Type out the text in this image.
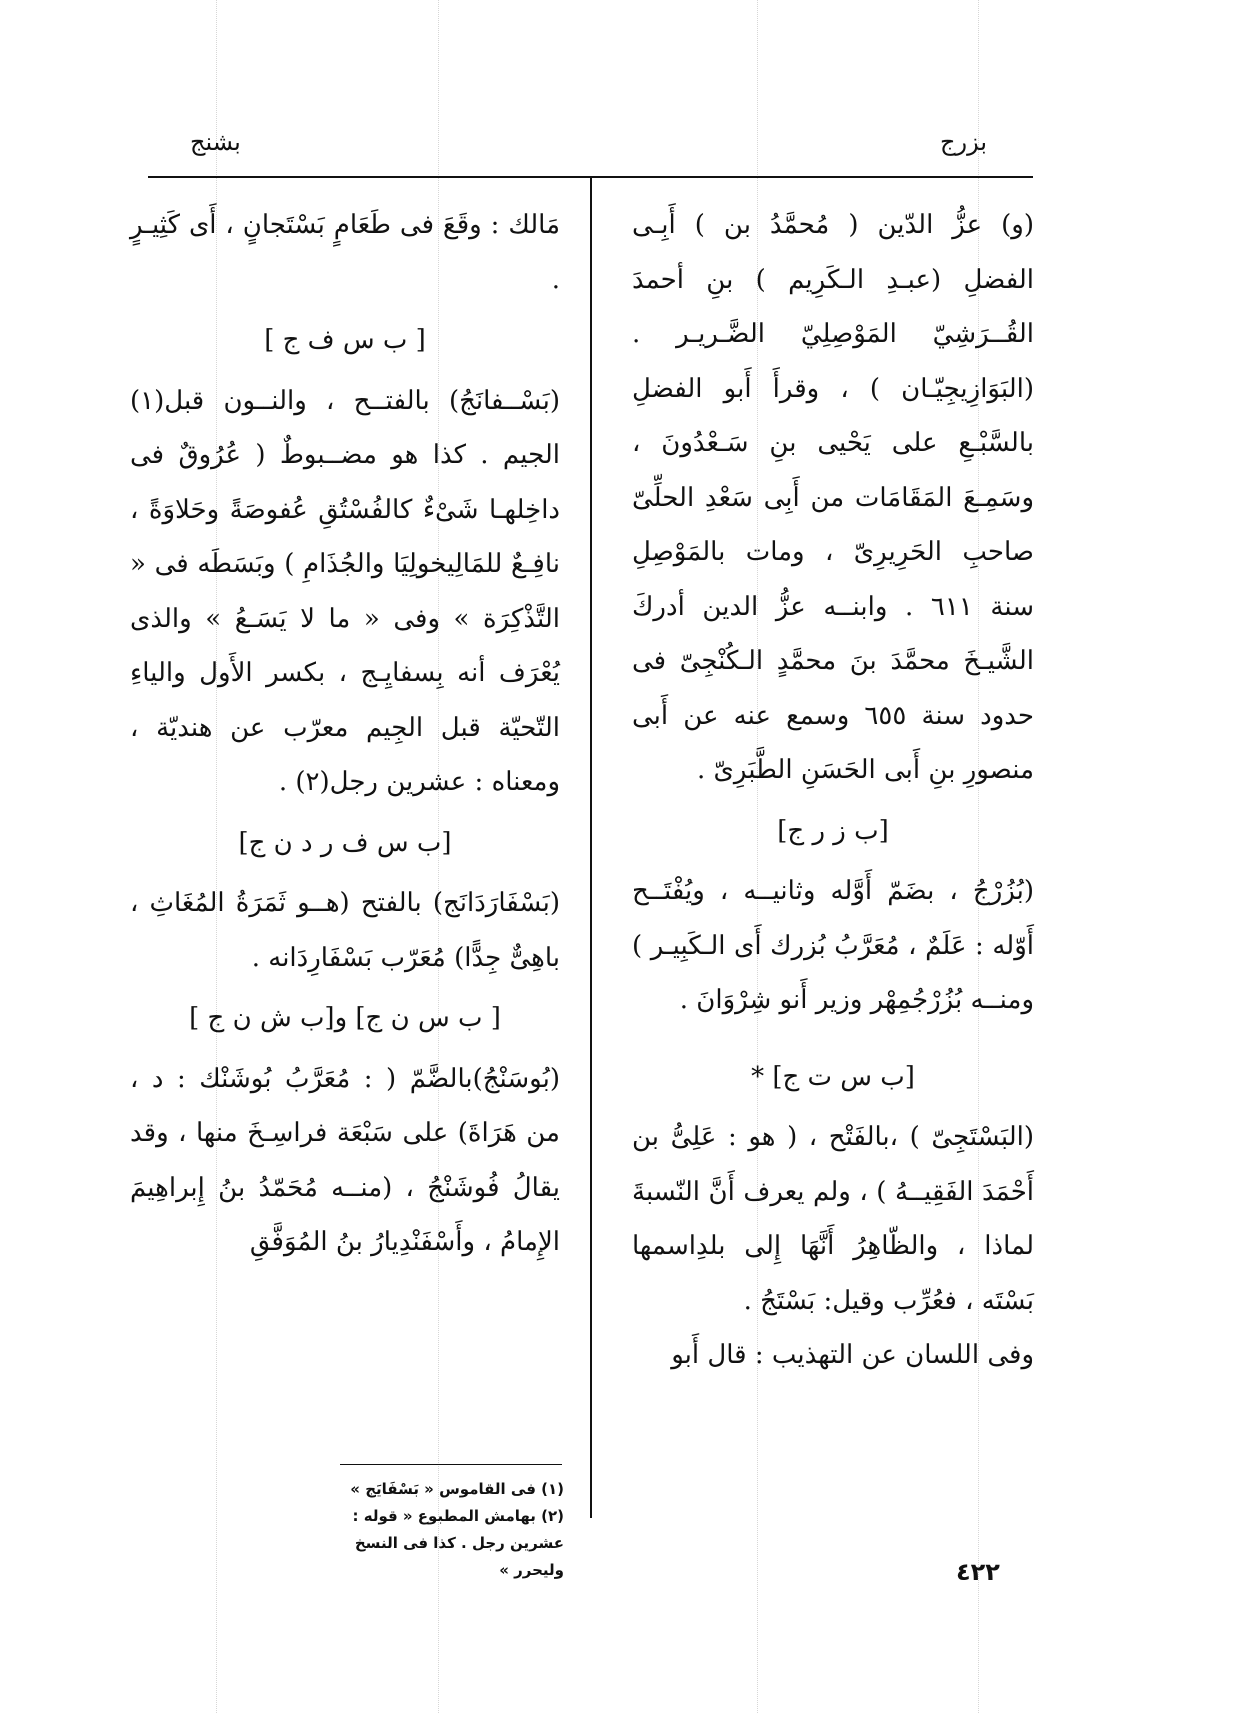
بزرج
بشنج

(و) عزُّ الدّين ( مُحمَّدُ بن ) أَبِـى الفضلِ (عبـدِ الـكَرِيم ) بنِ أحمدَ القُــرَشِيّ المَوْصِلِيّ الضَّـريـر . (البَوَازِيجِيّـان ) ، وقرأَ أَبو الفضلِ بالسَّبْـعِ على يَحْيى بنِ سَـعْدُونَ ، وسَمِـعَ المَقَامَات من أَبِى سَعْدِ الحلِّىّ صاحبِ الحَرِيرِىّ ، ومات بالمَوْصِلِ سنة ٦١١ . وابنــه عزُّ الدين أدركَ الشَّيـخَ محمَّدَ بنَ محمَّدٍ الـكُنْجِىّ فى حدود سنة ٦٥٥ وسمع عنه عن أَبى منصورِ بنِ أَبى الحَسَنِ الطَّبَرِىّ .

[ب ز ر ج]

(بُزُرْجُ ، بضَمّ أَوَّله وثانيــه ، ويُفْتَــح أَوّله : عَلَمٌ ، مُعَرَّبُ بُزرك أَى الـكَبِيـر ) ومنــه بُزُرْجُمِهْر وزير أَنو شِرْوَانَ .

[ب س ت ج] *

(البَسْتَجِىّ ) ،بالفَتْح ، ( هو : عَلِىُّ بن أَحْمَدَ الفَقِيــهُ ) ، ولم يعرف أَنَّ النّسبةَ لماذا ، والظّاهِرُ أَنَّهَا إِلى بلدِاسمها بَسْتَه ، فعُرِّب وقيل: بَسْتَجُ .

وفى اللسان عن التهذيب : قال أَبو

مَالك : وقَعَ فى طَعَامٍ بَسْتَجانٍ ، أَى كَثِيـرٍ .

[ ب س ف ج ]

(بَسْــفانَجُ) بالفتــح ، والنــون قبل(١) الجيم . كذا هو مضــبوطٌ ( عُرُوقٌ فى داخِلهـا شَىْءٌ كالفُسْتُقِ عُفوصَةً وحَلاوَةً ، نافِـعٌ للمَالِيخولِيَا والجُذَامِ ) وبَسَطَه فى « التَّذْكِرَة » وفى « ما لا يَسَـعُ » والذى يُعْرَف أنه بِسفايِـج ، بكسر الأَول والياءِ التّحيّة قبل الجِيم معرّب عن هنديّة ، ومعناه : عشرين رجل(٢) .

[ب س ف ر د ن ج]

(بَسْفَارَدَانَج) بالفتح (هــو ثَمَرَةُ المُغَاثِ ، باهِىٌّ جِدًّا) مُعَرّب بَسْفَارِدَانه .

[ ب س ن ج] و[ب ش ن ج ]

(بُوسَنْجُ)بالضَّمّ ( : مُعَرَّبُ بُوشَنْك : د ، من هَرَاةَ) على سَبْعَة فراسِـخَ منها ، وقد يقالُ فُوشَنْجُ ، (منــه مُحَمّدُ بنُ إِبراهِيمَ الإِمامُ ، وأَسْفَنْدِيارُ بنُ المُوَفَّقِ

(١) فى القاموس « بَسْفَايَج »

(٢) بهامش المطبوع « قوله : عشرين رجل . كذا فى النسخ وليحرر »	٤٢٢
